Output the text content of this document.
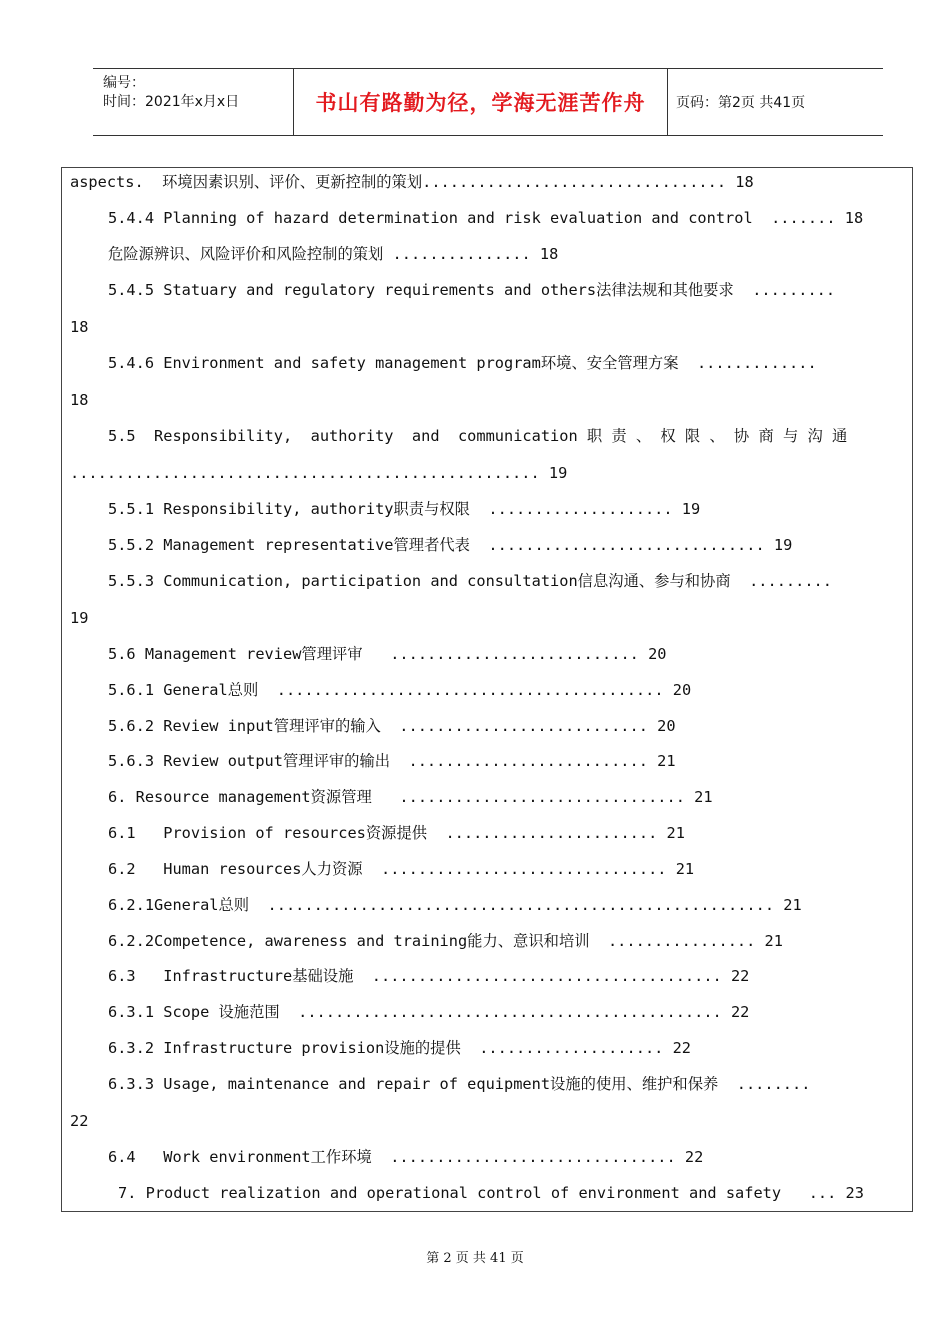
编号：
时间：2021年x月x日	书山有路勤为径，学海无涯苦作舟	页码：第2页 共41页
aspects.  环境因素识别、评价、更新控制的策划................................. 18
5.4.4 Planning of hazard determination and risk evaluation and control  ....... 18
危险源辨识、风险评价和风险控制的策划 ............... 18
5.4.5 Statuary and regulatory requirements and others法律法规和其他要求  .........
18
5.4.6 Environment and safety management program环境、安全管理方案  .............
18
5.5  Responsibility,  authority  and  communication 职 责 、 权 限 、 协 商 与 沟 通
................................................... 19
5.5.1 Responsibility, authority职责与权限  .................... 19
5.5.2 Management representative管理者代表  .............................. 19
5.5.3 Communication, participation and consultation信息沟通、参与和协商  .........
19
5.6 Management review管理评审   ........................... 20
5.6.1 General总则  .......................................... 20
5.6.2 Review input管理评审的输入  ........................... 20
5.6.3 Review output管理评审的输出  .......................... 21
6. Resource management资源管理   ............................... 21
6.1   Provision of resources资源提供  ....................... 21
6.2   Human resources人力资源  ............................... 21
6.2.1General总则  ....................................................... 21
6.2.2Competence, awareness and training能力、意识和培训  ................ 21
6.3   Infrastructure基础设施  ...................................... 22
6.3.1 Scope 设施范围  .............................................. 22
6.3.2 Infrastructure provision设施的提供  .................... 22
6.3.3 Usage, maintenance and repair of equipment设施的使用、维护和保养  ........
22
6.4   Work environment工作环境  ............................... 22
7. Product realization and operational control of environment and safety   ... 23
第 2 页 共 41 页
